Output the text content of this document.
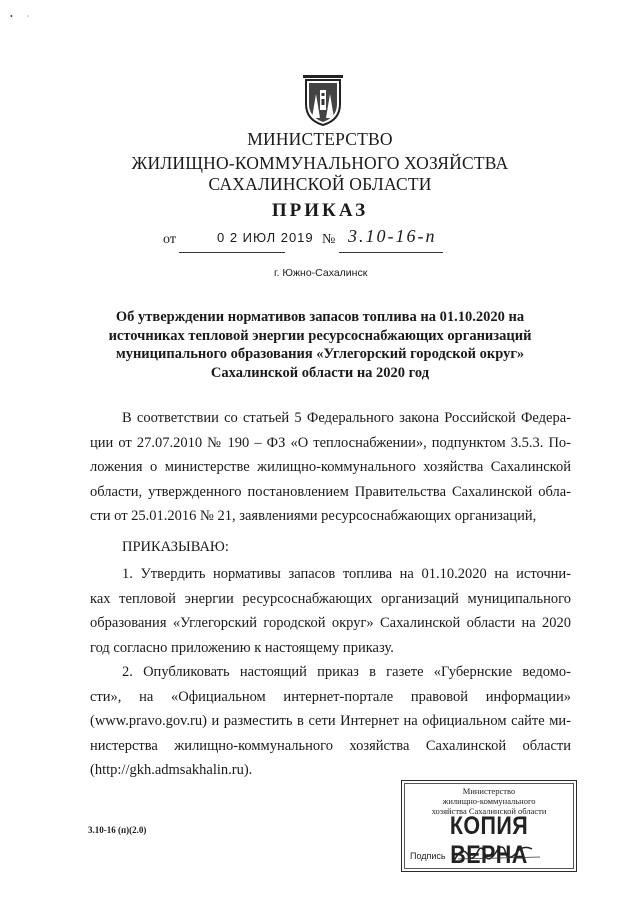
• ·
МИНИСТЕРСТВО
ЖИЛИЩНО-КОММУНАЛЬНОГО ХОЗЯЙСТВА
САХАЛИНСКОЙ ОБЛАСТИ
ПРИКАЗ
от	0 2 ИЮЛ 2019 № 3.10-16-п
г. Южно-Сахалинск
Об утверждении нормативов запасов топлива на 01.10.2020 на
источниках тепловой энергии ресурсоснабжающих организаций
муниципального образования «Углегорский городской округ»
Сахалинской области на 2020 год
В соответствии со статьей 5 Федерального закона Российской Федера-
ции от 27.07.2010 № 190 – ФЗ «О теплоснабжении», подпунктом 3.5.3. По-
ложения о министерстве жилищно-коммунального хозяйства Сахалинской
области, утвержденного постановлением Правительства Сахалинской обла-
сти от 25.01.2016 № 21, заявлениями ресурсоснабжающих организаций,
ПРИКАЗЫВАЮ:
1. Утвердить нормативы запасов топлива на 01.10.2020 на источни-
ках тепловой энергии ресурсоснабжающих организаций муниципального
образования «Углегорский городской округ» Сахалинской области на 2020
год согласно приложению к настоящему приказу.
2. Опубликовать настоящий приказ в газете «Губернские ведомо-
сти», на «Официальном интернет-портале правовой информации»
(www.pravo.gov.ru) и разместить в сети Интернет на официальном сайте ми-
нистерства жилищно-коммунального хозяйства Сахалинской области
(http://gkh.admsakhalin.ru).
3.10-16 (п)(2.0)
Министерство
жилищно-коммунального
хозяйства Сахалинской области
КОПИЯ ВЕРНА
Подпись
